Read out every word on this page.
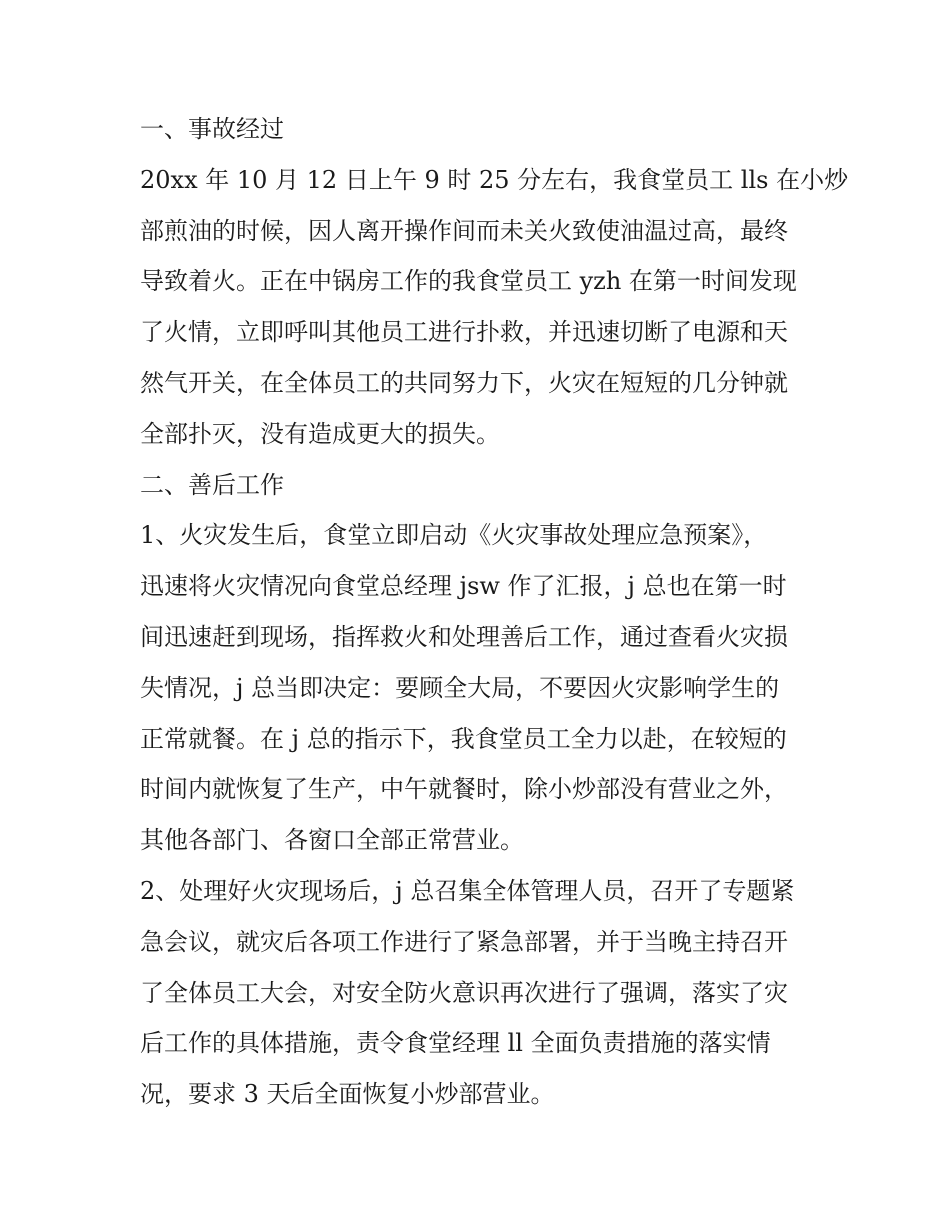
一、事故经过
20xx 年 10 月 12 日上午 9 时 25 分左右，我食堂员工 lls 在小炒
部煎油的时候，因人离开操作间而未关火致使油温过高，最终
导致着火。正在中锅房工作的我食堂员工 yzh 在第一时间发现
了火情，立即呼叫其他员工进行扑救，并迅速切断了电源和天
然气开关，在全体员工的共同努力下，火灾在短短的几分钟就
全部扑灭，没有造成更大的损失。
二、善后工作
1、火灾发生后，食堂立即启动《火灾事故处理应急预案》，
迅速将火灾情况向食堂总经理 jsw 作了汇报，j 总也在第一时
间迅速赶到现场，指挥救火和处理善后工作，通过查看火灾损
失情况，j 总当即决定：要顾全大局，不要因火灾影响学生的
正常就餐。在 j 总的指示下，我食堂员工全力以赴，在较短的
时间内就恢复了生产，中午就餐时，除小炒部没有营业之外，
其他各部门、各窗口全部正常营业。
2、处理好火灾现场后，j 总召集全体管理人员，召开了专题紧
急会议，就灾后各项工作进行了紧急部署，并于当晚主持召开
了全体员工大会，对安全防火意识再次进行了强调，落实了灾
后工作的具体措施，责令食堂经理 ll 全面负责措施的落实情
况，要求 3 天后全面恢复小炒部营业。
